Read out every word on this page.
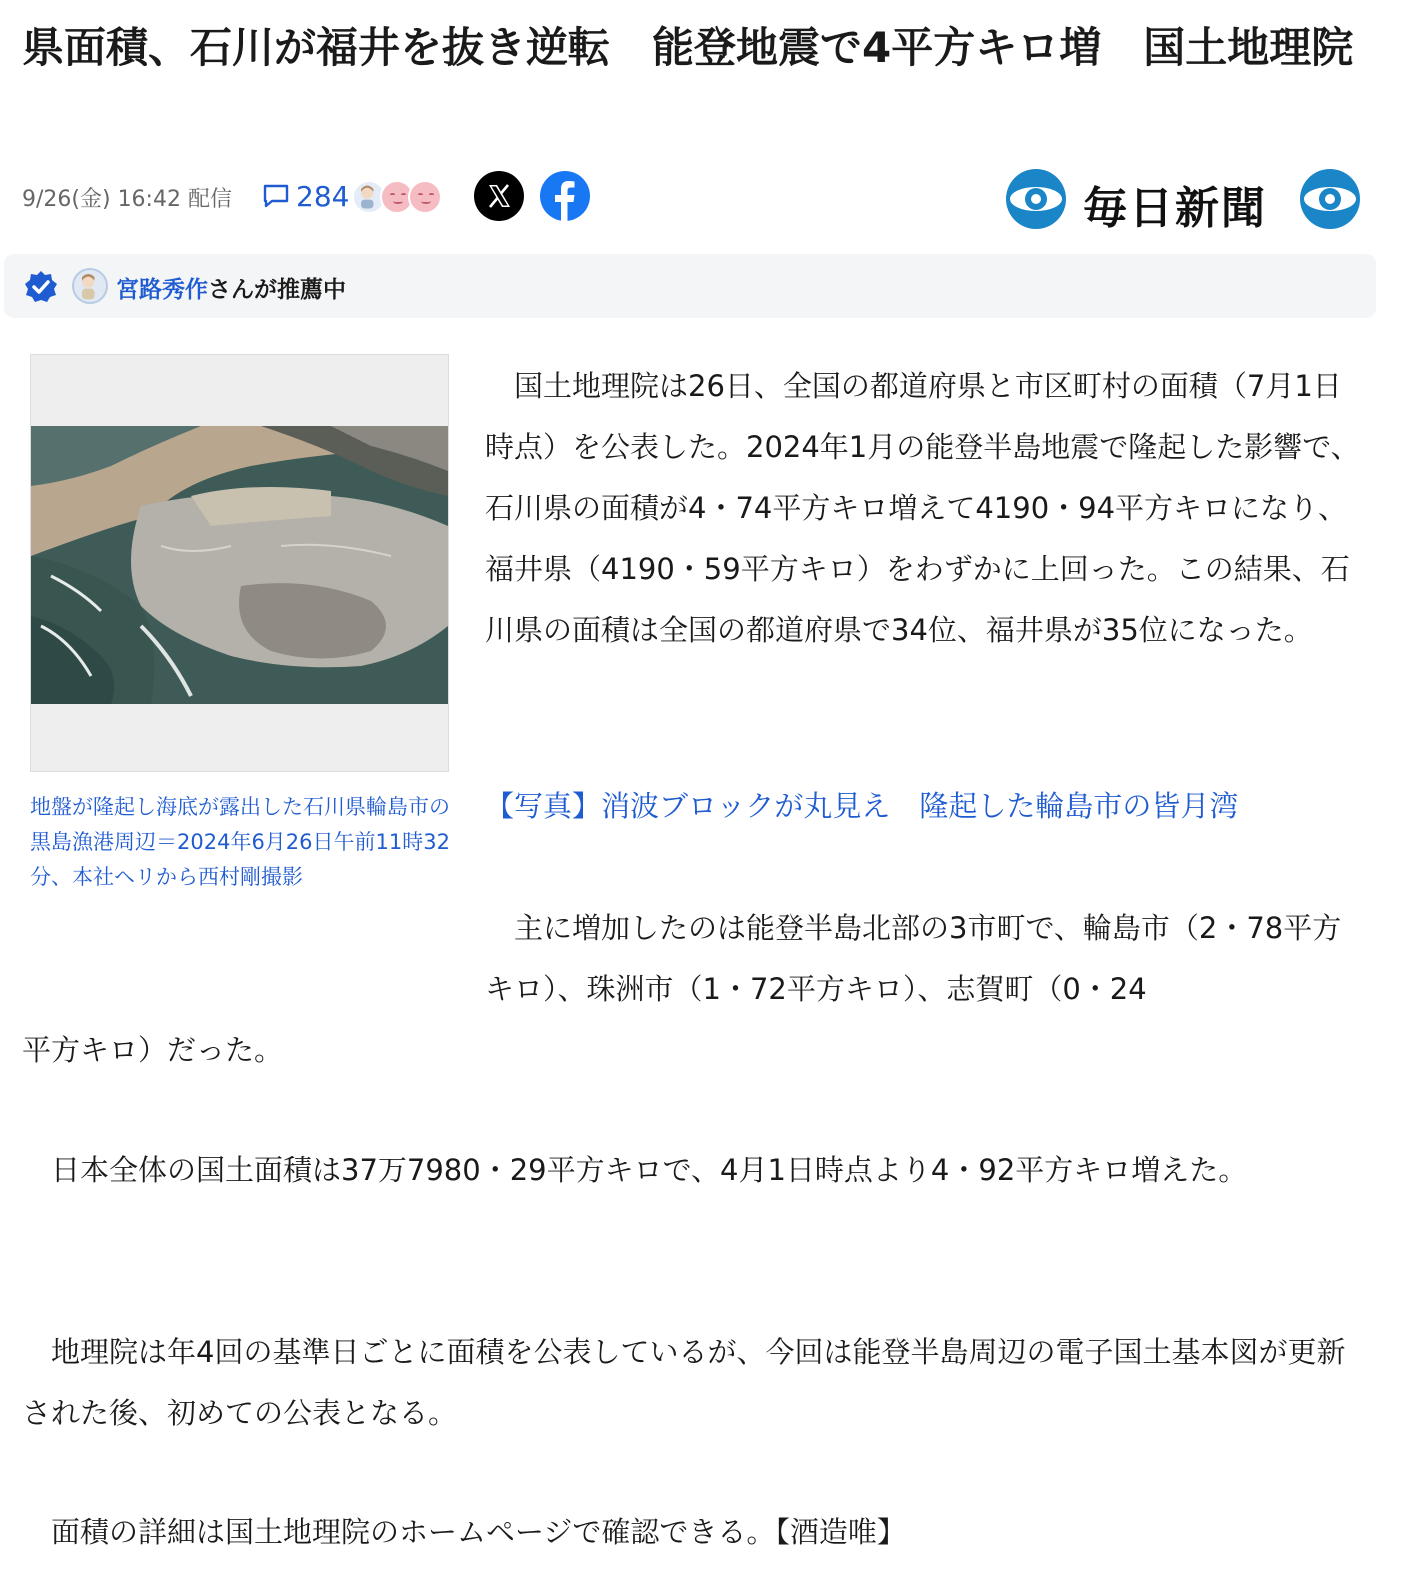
県面積、石川が福井を抜き逆転　能登地震で4平方キロ増　国土地理院
9/26(金) 16:42 配信 284	毎日新聞
宮路秀作さんが推薦中

地盤が隆起し海底が露出した石川県輪島市の黒島漁港周辺＝2024年6月26日午前11時32分、本社ヘリから西村剛撮影

　国土地理院は26日、全国の都道府県と市区町村の面積（7月1日時点）を公表した。2024年1月の能登半島地震で隆起した影響で、石川県の面積が4・74平方キロ増えて4190・94平方キロになり、福井県（4190・59平方キロ）をわずかに上回った。この結果、石川県の面積は全国の都道府県で34位、福井県が35位になった。

【写真】消波ブロックが丸見え　隆起した輪島市の皆月湾

　主に増加したのは能登半島北部の3市町で、輪島市（2・78平方キロ）、珠洲市（1・72平方キロ）、志賀町（0・24

平方キロ）だった。

　日本全体の国土面積は37万7980・29平方キロで、4月1日時点より4・92平方キロ増えた。

　地理院は年4回の基準日ごとに面積を公表しているが、今回は能登半島周辺の電子国土基本図が更新された後、初めての公表となる。

　面積の詳細は国土地理院のホームページで確認できる。【酒造唯】
